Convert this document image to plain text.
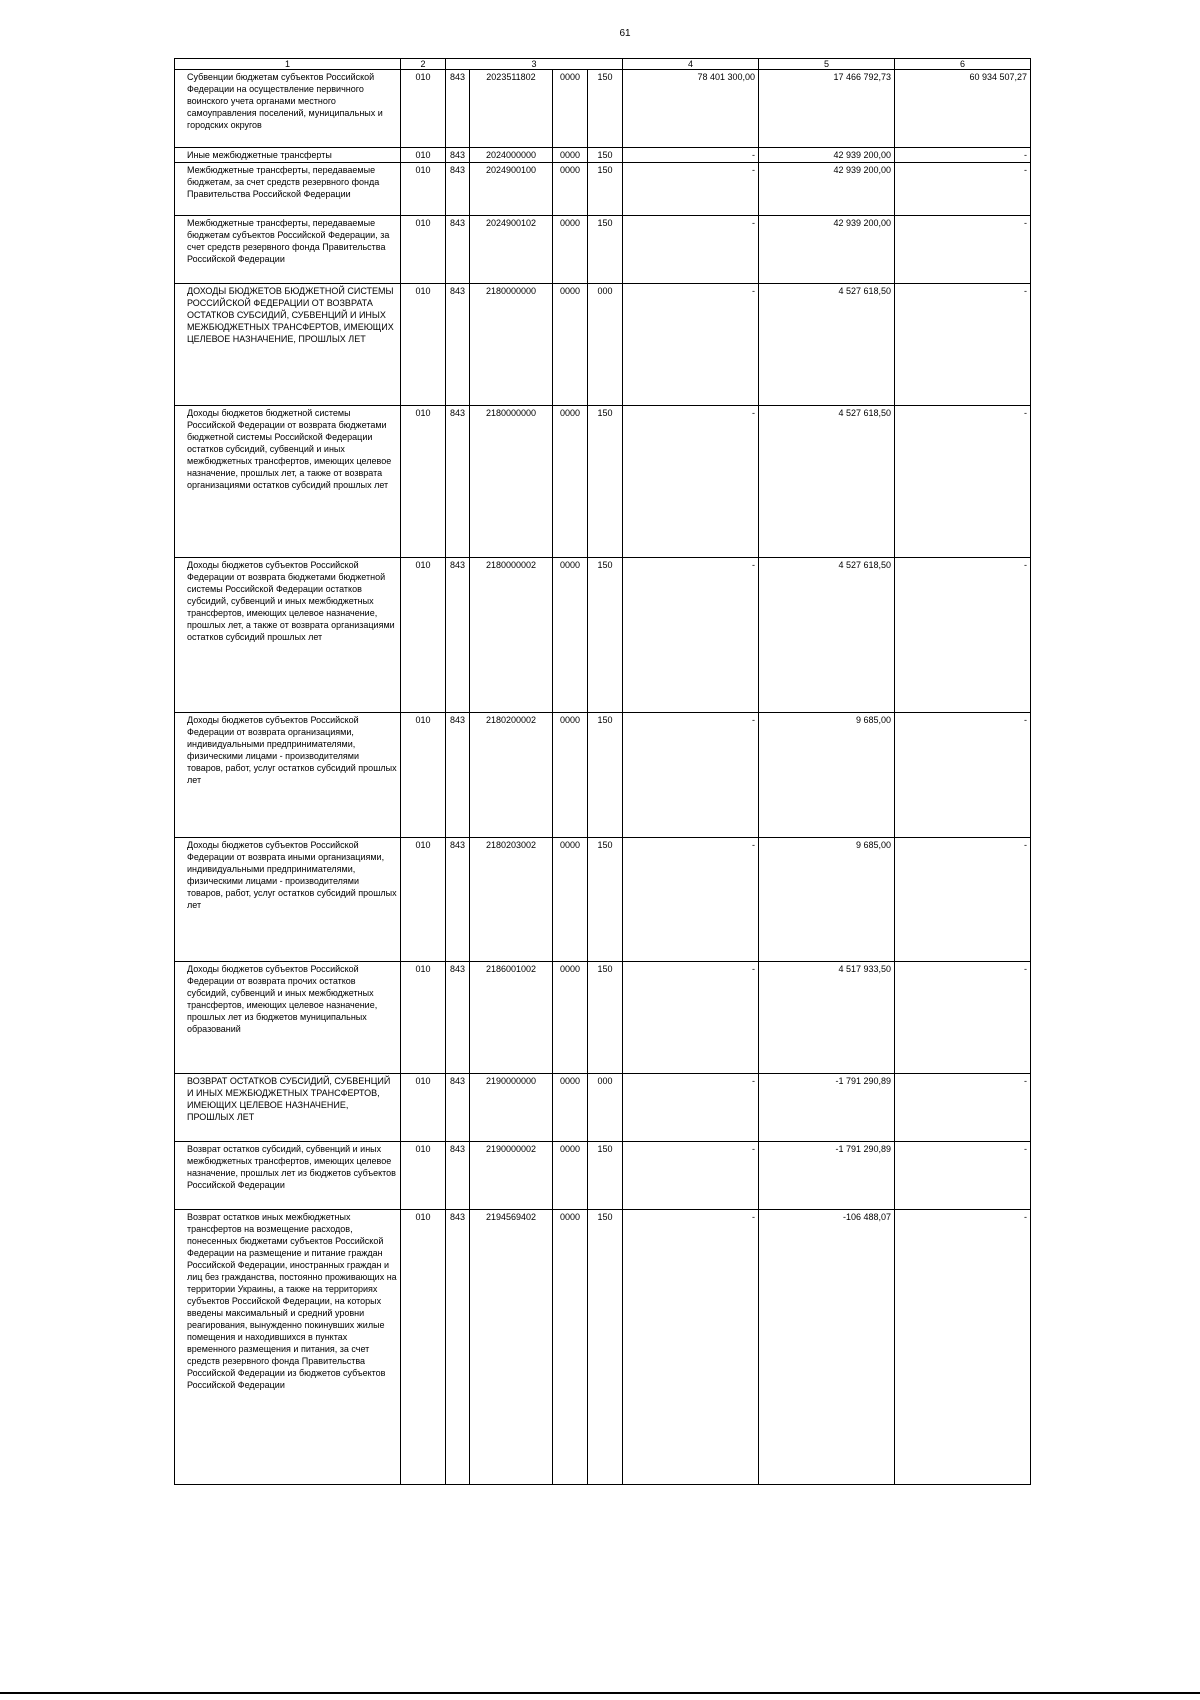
61
1	2	3				4	5	6
Субвенции бюджетам субъектов Российской Федерации на осуществление первичного воинского учета органами местного самоуправления поселений, муниципальных и городских округов	010	843	2023511802	0000	150	78 401 300,00	17 466 792,73	60 934 507,27
Иные межбюджетные трансферты	010	843	2024000000	0000	150	-	42 939 200,00	-
Межбюджетные трансферты, передаваемые бюджетам, за счет средств резервного фонда Правительства Российской Федерации	010	843	2024900100	0000	150	-	42 939 200,00	-
Межбюджетные трансферты, передаваемые бюджетам субъектов Российской Федерации, за счет средств резервного фонда Правительства Российской Федерации	010	843	2024900102	0000	150	-	42 939 200,00	-
ДОХОДЫ БЮДЖЕТОВ БЮДЖЕТНОЙ СИСТЕМЫ РОССИЙСКОЙ ФЕДЕРАЦИИ ОТ ВОЗВРАТА ОСТАТКОВ СУБСИДИЙ, СУБВЕНЦИЙ И ИНЫХ МЕЖБЮДЖЕТНЫХ ТРАНСФЕРТОВ, ИМЕЮЩИХ ЦЕЛЕВОЕ НАЗНАЧЕНИЕ, ПРОШЛЫХ ЛЕТ	010	843	2180000000	0000	000	-	4 527 618,50	-
Доходы бюджетов бюджетной системы Российской Федерации от возврата бюджетами бюджетной системы Российской Федерации остатков субсидий, субвенций и иных межбюджетных трансфертов, имеющих целевое назначение, прошлых лет, а также от возврата организациями остатков субсидий прошлых лет	010	843	2180000000	0000	150	-	4 527 618,50	-
Доходы бюджетов субъектов Российской Федерации от возврата бюджетами бюджетной системы Российской Федерации остатков субсидий, субвенций и иных межбюджетных трансфертов, имеющих целевое назначение, прошлых лет, а также от возврата организациями остатков субсидий прошлых лет	010	843	2180000002	0000	150	-	4 527 618,50	-
Доходы бюджетов субъектов Российской Федерации от возврата организациями, индивидуальными предпринимателями, физическими лицами - производителями товаров, работ, услуг остатков субсидий прошлых лет	010	843	2180200002	0000	150	-	9 685,00	-
Доходы бюджетов субъектов Российской Федерации от возврата иными организациями, индивидуальными предпринимателями, физическими лицами - производителями товаров, работ, услуг остатков субсидий прошлых лет	010	843	2180203002	0000	150	-	9 685,00	-
Доходы бюджетов субъектов Российской Федерации от возврата прочих остатков субсидий, субвенций и иных межбюджетных трансфертов, имеющих целевое назначение, прошлых лет из бюджетов муниципальных образований	010	843	2186001002	0000	150	-	4 517 933,50	-
ВОЗВРАТ ОСТАТКОВ СУБСИДИЙ, СУБВЕНЦИЙ И ИНЫХ МЕЖБЮДЖЕТНЫХ ТРАНСФЕРТОВ, ИМЕЮЩИХ ЦЕЛЕВОЕ НАЗНАЧЕНИЕ, ПРОШЛЫХ ЛЕТ	010	843	2190000000	0000	000	-	-1 791 290,89	-
Возврат остатков субсидий, субвенций и иных межбюджетных трансфертов, имеющих целевое назначение, прошлых лет из бюджетов субъектов Российской Федерации	010	843	2190000002	0000	150	-	-1 791 290,89	-
Возврат остатков иных межбюджетных трансфертов на возмещение расходов, понесенных бюджетами субъектов Российской Федерации на размещение и питание граждан Российской Федерации, иностранных граждан и лиц без гражданства, постоянно проживающих на территории Украины, а также на территориях субъектов Российской Федерации, на которых введены максимальный и средний уровни реагирования, вынужденно покинувших жилые помещения и находившихся в пунктах временного размещения и питания, за счет средств резервного фонда Правительства Российской Федерации из бюджетов субъектов Российской Федерации	010	843	2194569402	0000	150	-	-106 488,07	-
